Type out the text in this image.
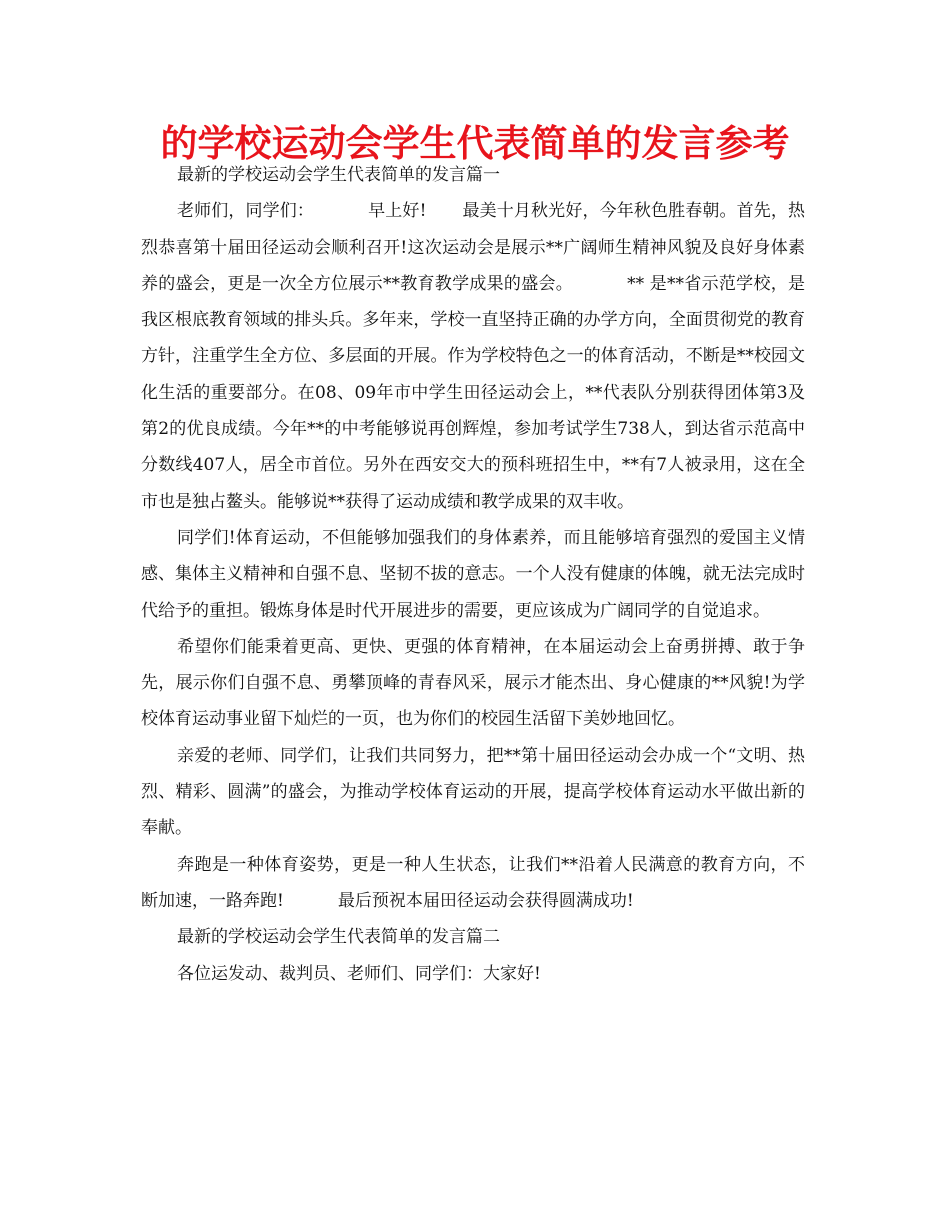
的学校运动会学生代表简单的发言参考

最新的学校运动会学生代表简单的发言篇一

老师们，同学们：	早上好! 最美十月秋光好，今年秋色胜春朝。首先，热烈恭喜第十届田径运动会顺利召开!这次运动会是展示**广阔师生精神风貌及良好身体素养的盛会，更是一次全方位展示**教育教学成果的盛会。	** 是**省示范学校，是我区根底教育领域的排头兵。多年来，学校一直坚持正确的办学方向，全面贯彻党的教育方针，注重学生全方位、多层面的开展。作为学校特色之一的体育活动，不断是**校园文化生活的重要部分。在08、09年市中学生田径运动会上，**代表队分别获得团体第3及第2的优良成绩。今年**的中考能够说再创辉煌，参加考试学生738人，到达省示范高中分数线407人，居全市首位。另外在西安交大的预科班招生中，**有7人被录用，这在全市也是独占鳌头。能够说**获得了运动成绩和教学成果的双丰收。

同学们!体育运动，不但能够加强我们的身体素养，而且能够培育强烈的爱国主义情感、集体主义精神和自强不息、坚韧不拔的意志。一个人没有健康的体魄，就无法完成时代给予的重担。锻炼身体是时代开展进步的需要，更应该成为广阔同学的自觉追求。

希望你们能秉着更高、更快、更强的体育精神，在本届运动会上奋勇拼搏、敢于争先，展示你们自强不息、勇攀顶峰的青春风采，展示才能杰出、身心健康的**风貌!为学校体育运动事业留下灿烂的一页，也为你们的校园生活留下美妙地回忆。

亲爱的老师、同学们，让我们共同努力，把**第十届田径运动会办成一个“文明、热烈、精彩、圆满”的盛会，为推动学校体育运动的开展，提高学校体育运动水平做出新的奉献。

奔跑是一种体育姿势，更是一种人生状态，让我们**沿着人民满意的教育方向，不断加速，一路奔跑!	最后预祝本届田径运动会获得圆满成功!

最新的学校运动会学生代表简单的发言篇二

各位运发动、裁判员、老师们、同学们：大家好!
